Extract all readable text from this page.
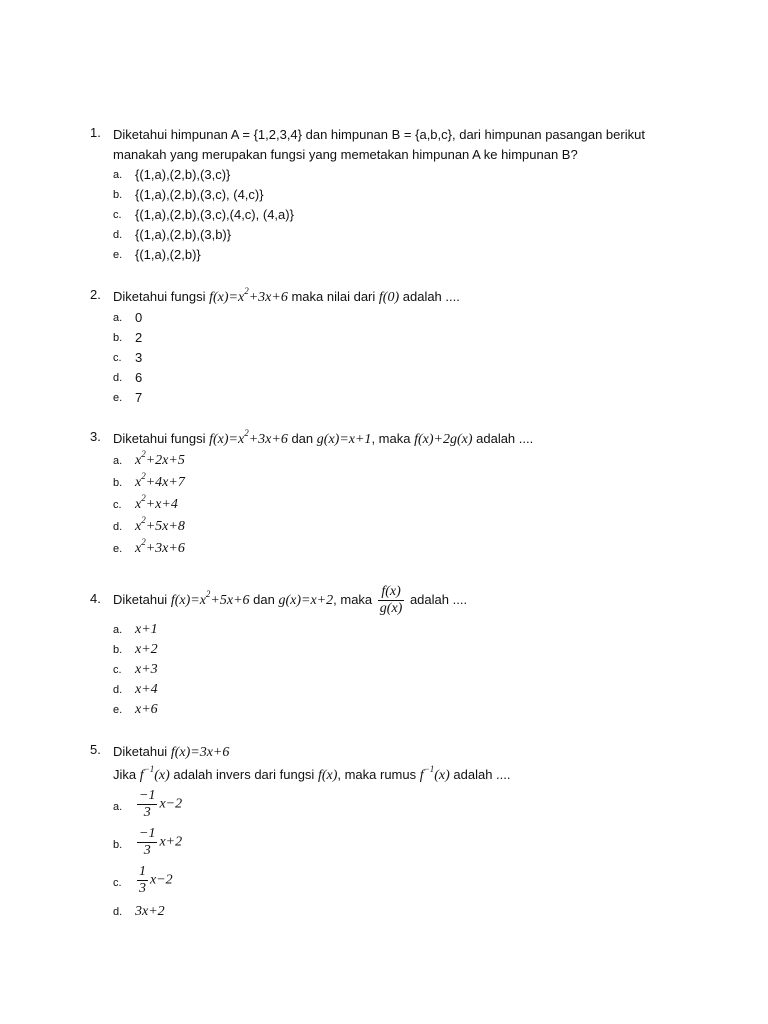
1. Diketahui himpunan A = {1,2,3,4} dan himpunan B = {a,b,c}, dari himpunan pasangan berikut
manakah yang merupakan fungsi yang memetakan himpunan A ke himpunan B?
a. {(1,a),(2,b),(3,c)}
b. {(1,a),(2,b),(3,c), (4,c)}
c. {(1,a),(2,b),(3,c),(4,c), (4,a)}
d. {(1,a),(2,b),(3,b)}
e. {(1,a),(2,b)}
2. Diketahui fungsi $f(x)=x^2+3x+6$ maka nilai dari f(0) adalah ....
a. 0
b. 2
c. 3
d. 6
e. 7
3. Diketahui fungsi $f(x)=x^2+3x+6$ dan g(x)=x+1, maka f(x)+2g(x) adalah ....
a. $x^2+2x+5$
b. $x^2+4x+7$
c. $x^2+x+4$
d. $x^2+5x+8$
e. $x^2+3x+6$
4. Diketahui $f(x)=x^2+5x+6$ dan g(x)=x+2, maka $\frac{f(x)}{g(x)}$ adalah ....
a. x+1
b. x+2
c. x+3
d. x+4
e. x+6
5. Diketahui f(x)=3x+6
Jika $f^{-1}(x)$ adalah invers dari fungsi f(x), maka rumus $f^{-1}(x)$ adalah ....
a. $\frac{-1}{3} x-2$
b. $\frac{-1}{3} x+2$
c. $\frac{1}{3} x-2$
d. 3x+2
